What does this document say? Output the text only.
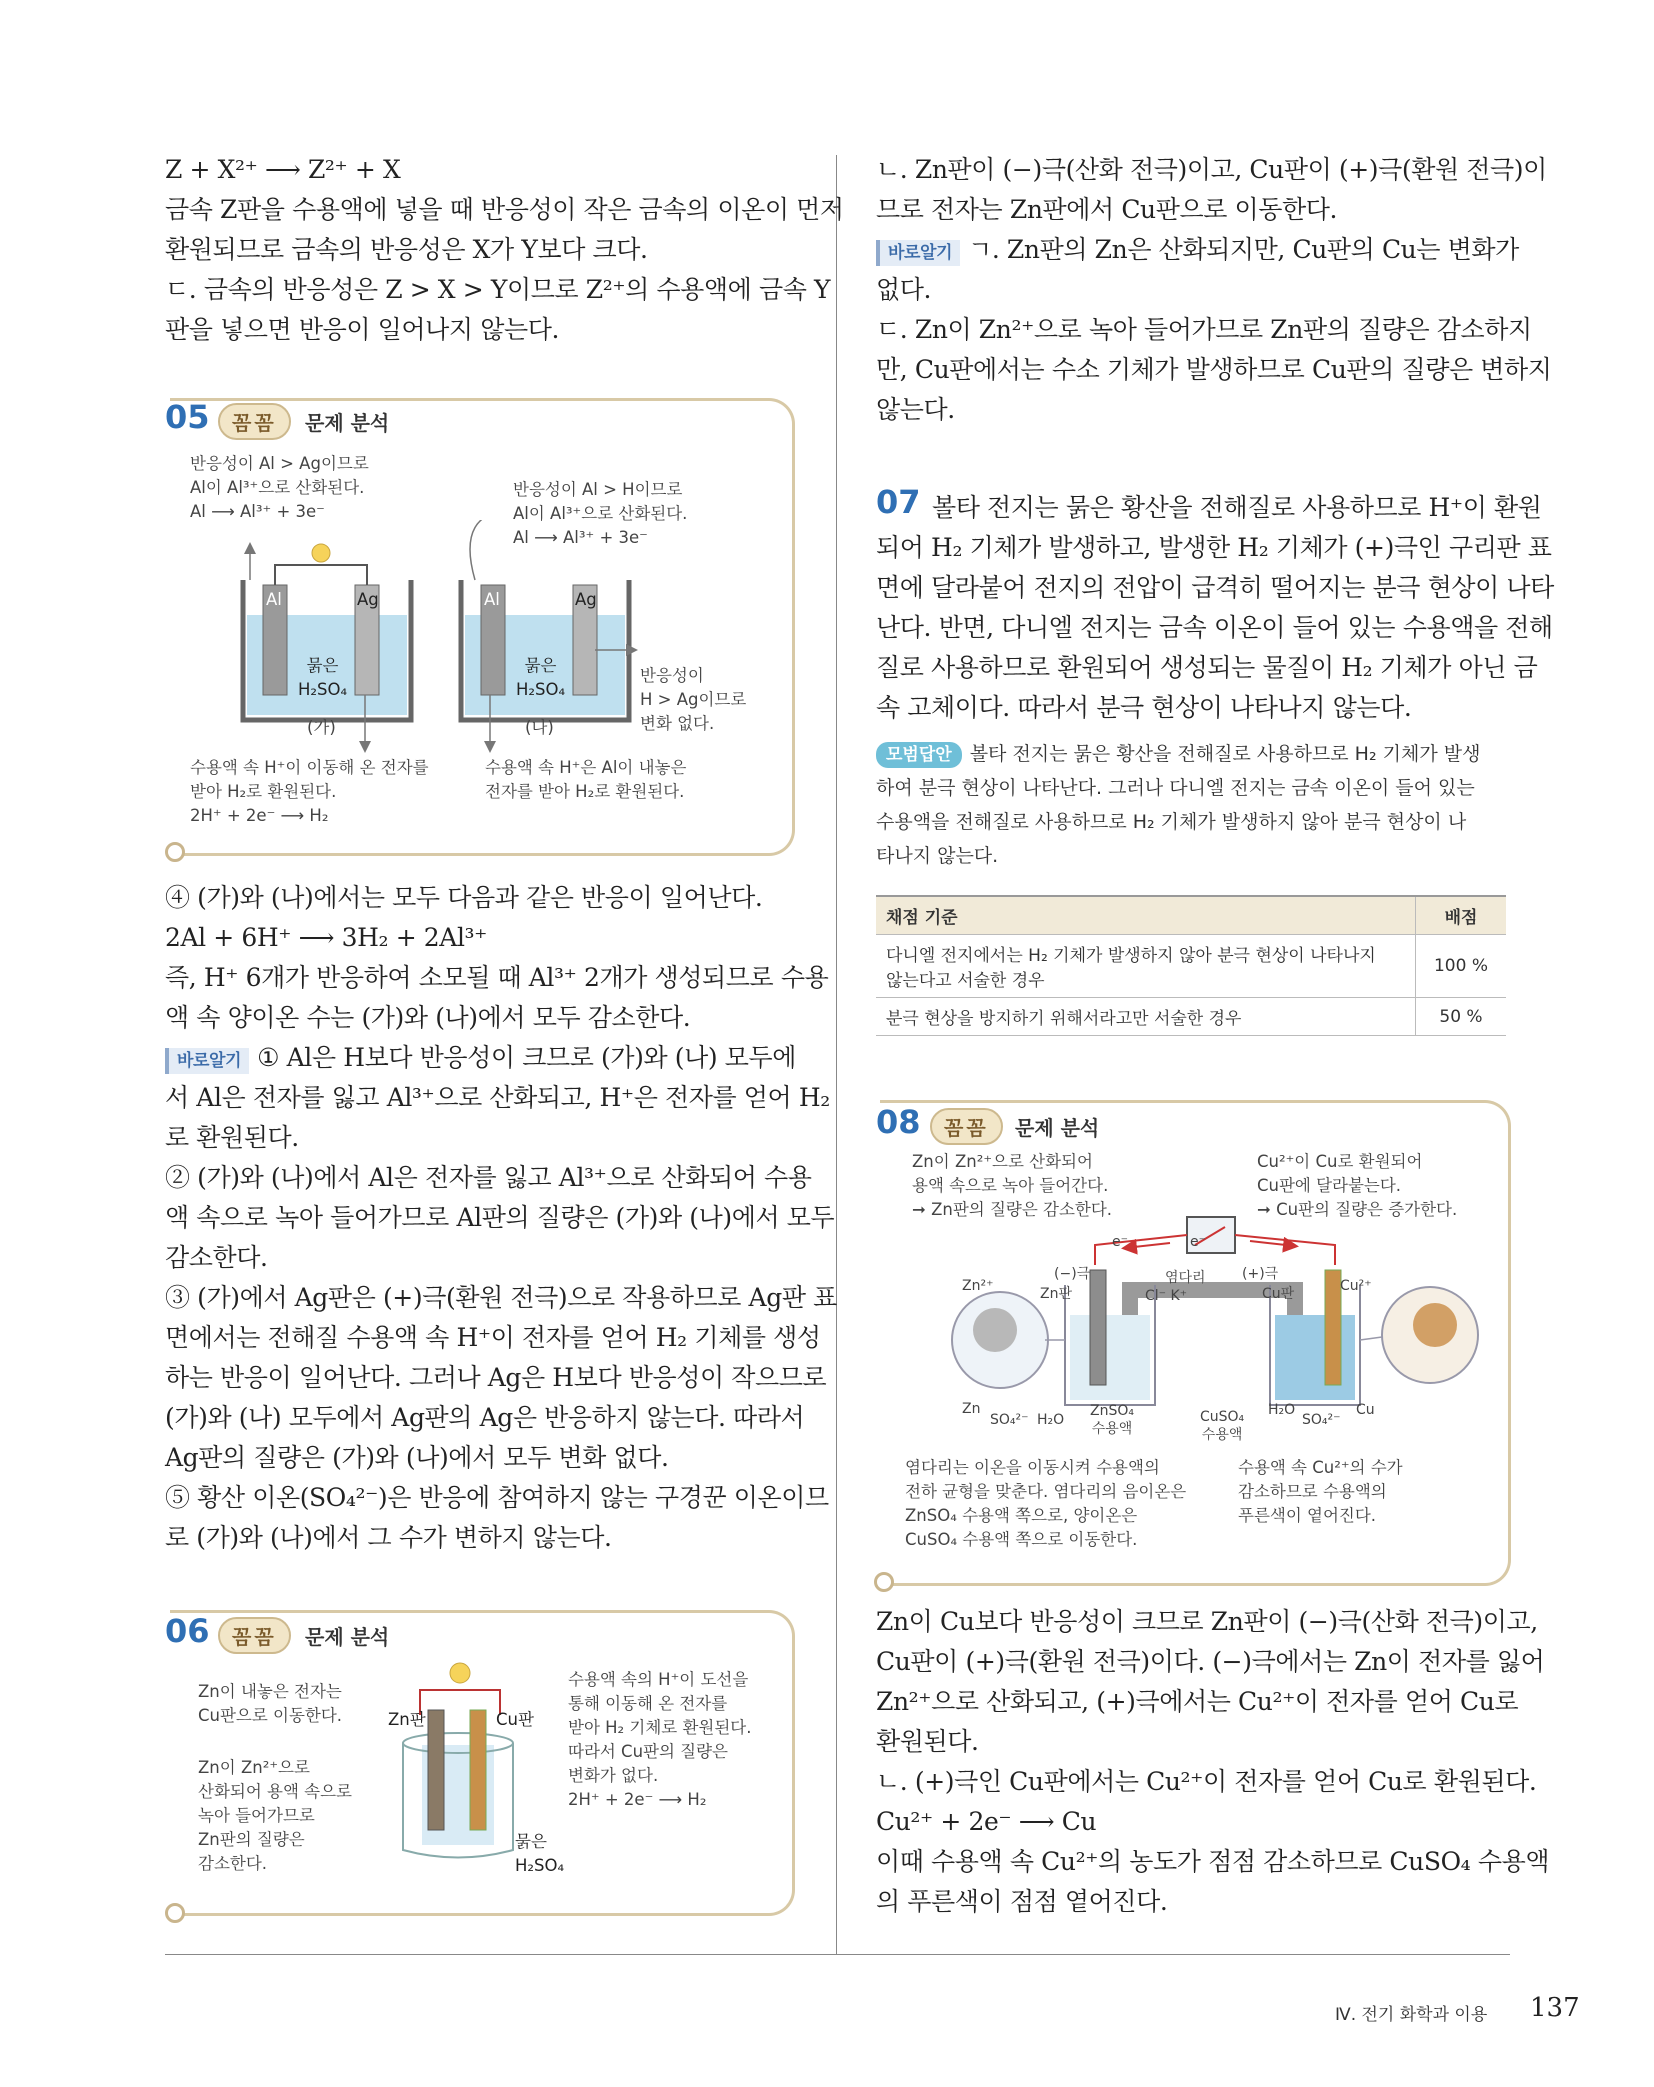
Z + X²⁺ ⟶ Z²⁺ + X
금속 Z판을 수용액에 넣을 때 반응성이 작은 금속의 이온이 먼저
환원되므로 금속의 반응성은 X가 Y보다 크다.
ㄷ. 금속의 반응성은 Z > X > Y이므로 Z²⁺의 수용액에 금속 Y
판을 넣으면 반응이 일어나지 않는다.
05	꼼꼼	문제 분석
반응성이 Al > Ag이므로
Al이 Al³⁺으로 산화된다.
Al ⟶ Al³⁺ + 3e⁻
반응성이 Al > H이므로
Al이 Al³⁺으로 산화된다.
Al ⟶ Al³⁺ + 3e⁻
Al	Ag	Al	Ag
묽은
H₂SO₄
묽은
H₂SO₄
(가)	(나)
반응성이
H > Ag이므로
변화 없다.
수용액 속 H⁺이 이동해 온 전자를
받아 H₂로 환원된다.
2H⁺ + 2e⁻ ⟶ H₂
수용액 속 H⁺은 Al이 내놓은
전자를 받아 H₂로 환원된다.
④ (가)와 (나)에서는 모두 다음과 같은 반응이 일어난다.
2Al + 6H⁺ ⟶ 3H₂ + 2Al³⁺
즉, H⁺ 6개가 반응하여 소모될 때 Al³⁺ 2개가 생성되므로 수용
액 속 양이온 수는 (가)와 (나)에서 모두 감소한다.
바로알기 ① Al은 H보다 반응성이 크므로 (가)와 (나) 모두에
서 Al은 전자를 잃고 Al³⁺으로 산화되고, H⁺은 전자를 얻어 H₂
로 환원된다.
② (가)와 (나)에서 Al은 전자를 잃고 Al³⁺으로 산화되어 수용
액 속으로 녹아 들어가므로 Al판의 질량은 (가)와 (나)에서 모두
감소한다.
③ (가)에서 Ag판은 (+)극(환원 전극)으로 작용하므로 Ag판 표
면에서는 전해질 수용액 속 H⁺이 전자를 얻어 H₂ 기체를 생성
하는 반응이 일어난다. 그러나 Ag은 H보다 반응성이 작으므로
(가)와 (나) 모두에서 Ag판의 Ag은 반응하지 않는다. 따라서
Ag판의 질량은 (가)와 (나)에서 모두 변화 없다.
⑤ 황산 이온(SO₄²⁻)은 반응에 참여하지 않는 구경꾼 이온이므
로 (가)와 (나)에서 그 수가 변하지 않는다.
06	꼼꼼	문제 분석
Zn이 내놓은 전자는
Cu판으로 이동한다.
Zn이 Zn²⁺으로
산화되어 용액 속으로
녹아 들어가므로
Zn판의 질량은
감소한다.
Zn판	Cu판
수용액 속의 H⁺이 도선을
통해 이동해 온 전자를
받아 H₂ 기체로 환원된다.
따라서 Cu판의 질량은
변화가 없다.
2H⁺ + 2e⁻ ⟶ H₂
묽은
H₂SO₄
ㄴ. Zn판이 (−)극(산화 전극)이고, Cu판이 (+)극(환원 전극)이
므로 전자는 Zn판에서 Cu판으로 이동한다.
바로알기 ㄱ. Zn판의 Zn은 산화되지만, Cu판의 Cu는 변화가
없다.
ㄷ. Zn이 Zn²⁺으로 녹아 들어가므로 Zn판의 질량은 감소하지
만, Cu판에서는 수소 기체가 발생하므로 Cu판의 질량은 변하지
않는다.
07 볼타 전지는 묽은 황산을 전해질로 사용하므로 H⁺이 환원
되어 H₂ 기체가 발생하고, 발생한 H₂ 기체가 (+)극인 구리판 표
면에 달라붙어 전지의 전압이 급격히 떨어지는 분극 현상이 나타
난다. 반면, 다니엘 전지는 금속 이온이 들어 있는 수용액을 전해
질로 사용하므로 환원되어 생성되는 물질이 H₂ 기체가 아닌 금
속 고체이다. 따라서 분극 현상이 나타나지 않는다.
모범답안 볼타 전지는 묽은 황산을 전해질로 사용하므로 H₂ 기체가 발생
하여 분극 현상이 나타난다. 그러나 다니엘 전지는 금속 이온이 들어 있는
수용액을 전해질로 사용하므로 H₂ 기체가 발생하지 않아 분극 현상이 나
타나지 않는다.
채점 기준	배점

다니엘 전지에서는 H₂ 기체가 발생하지 않아 분극 현상이 나타나지
않는다고 서술한 경우	100 %
분극 현상을 방지하기 위해서라고만 서술한 경우	50 %
08	꼼꼼	문제 분석
Zn이 Zn²⁺으로 산화되어
용액 속으로 녹아 들어간다.
➞ Zn판의 질량은 감소한다.
Cu²⁺이 Cu로 환원되어
Cu판에 달라붙는다.
➞ Cu판의 질량은 증가한다.
e⁻	e⁻
(−)극
Zn판
염다리
Cl⁻ K⁺
(+)극
Cu판
Zn²⁺	Cu²⁺
Zn
SO₄²⁻ H₂O
ZnSO₄
수용액
CuSO₄
수용액
H₂O
SO₄²⁻
Cu
염다리는 이온을 이동시켜 수용액의
전하 균형을 맞춘다. 염다리의 음이온은
ZnSO₄ 수용액 쪽으로, 양이온은
CuSO₄ 수용액 쪽으로 이동한다.
수용액 속 Cu²⁺의 수가
감소하므로 수용액의
푸른색이 옅어진다.
Zn이 Cu보다 반응성이 크므로 Zn판이 (−)극(산화 전극)이고,
Cu판이 (+)극(환원 전극)이다. (−)극에서는 Zn이 전자를 잃어
Zn²⁺으로 산화되고, (+)극에서는 Cu²⁺이 전자를 얻어 Cu로
환원된다.
ㄴ. (+)극인 Cu판에서는 Cu²⁺이 전자를 얻어 Cu로 환원된다.
Cu²⁺ + 2e⁻ ⟶ Cu
이때 수용액 속 Cu²⁺의 농도가 점점 감소하므로 CuSO₄ 수용액
의 푸른색이 점점 옅어진다.
Ⅳ. 전기 화학과 이용 137
